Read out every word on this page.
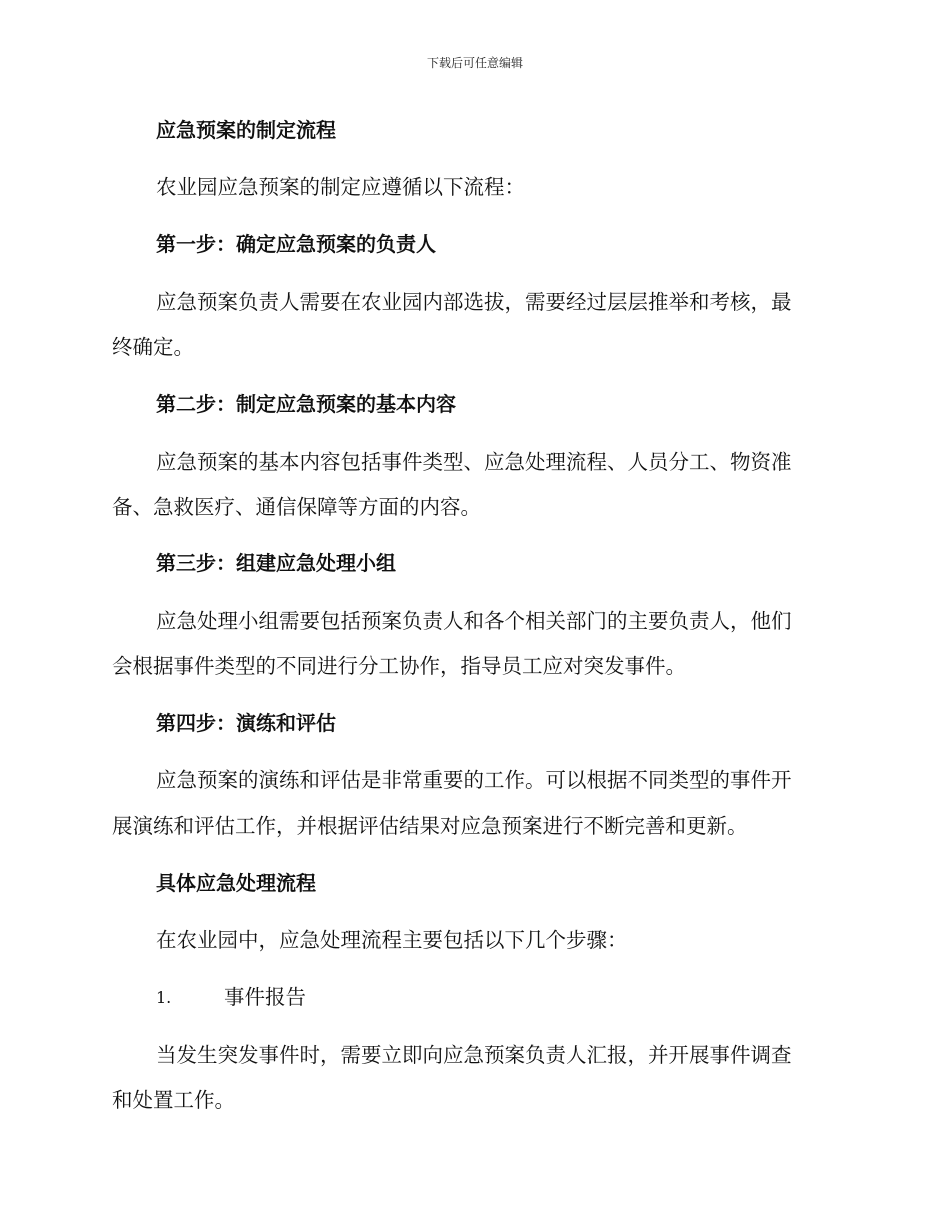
下载后可任意编辑
应急预案的制定流程
农业园应急预案的制定应遵循以下流程：
第一步：确定应急预案的负责人
应急预案负责人需要在农业园内部选拔，需要经过层层推举和考核，最
终确定。
第二步：制定应急预案的基本内容
应急预案的基本内容包括事件类型、应急处理流程、人员分工、物资准
备、急救医疗、通信保障等方面的内容。
第三步：组建应急处理小组
应急处理小组需要包括预案负责人和各个相关部门的主要负责人，他们
会根据事件类型的不同进行分工协作，指导员工应对突发事件。
第四步：演练和评估
应急预案的演练和评估是非常重要的工作。可以根据不同类型的事件开
展演练和评估工作，并根据评估结果对应急预案进行不断完善和更新。
具体应急处理流程
在农业园中，应急处理流程主要包括以下几个步骤：
1.	事件报告
当发生突发事件时，需要立即向应急预案负责人汇报，并开展事件调查
和处置工作。
